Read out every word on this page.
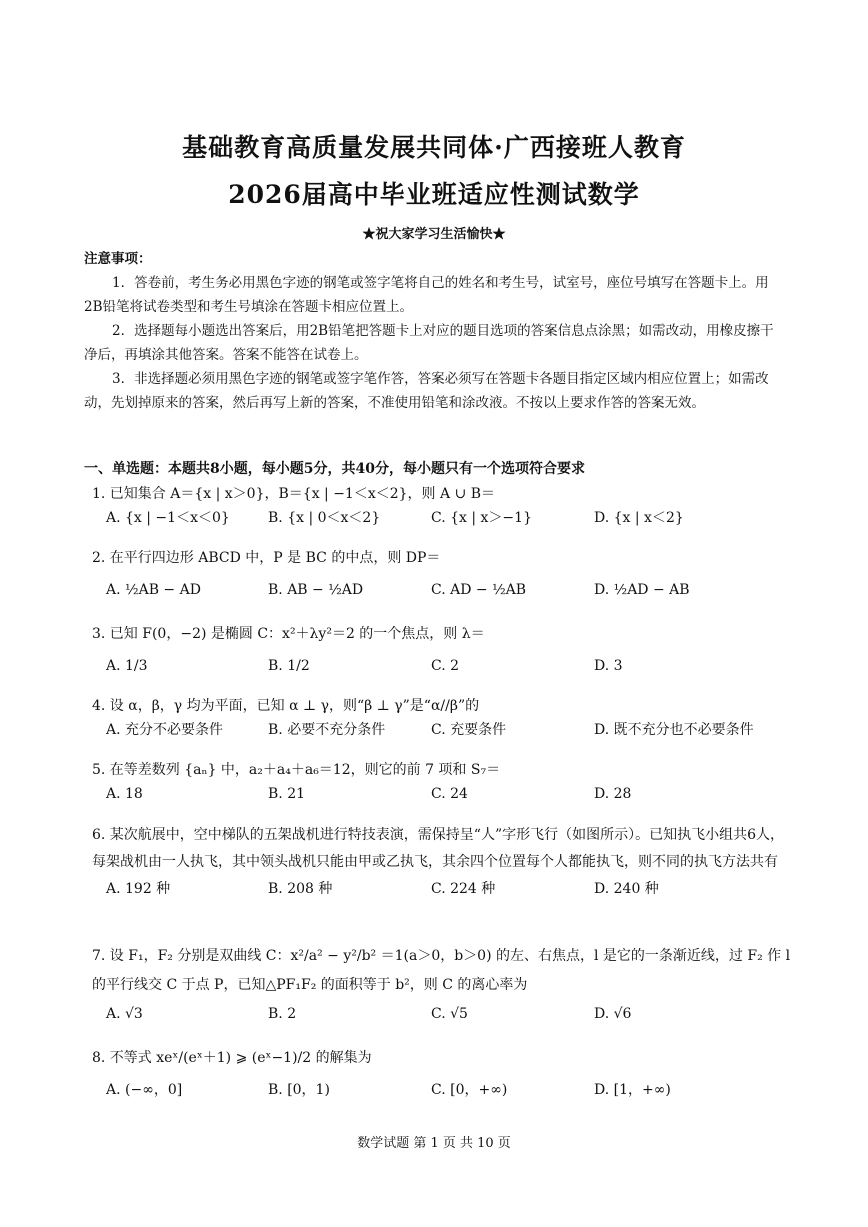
基础教育高质量发展共同体·广西接班人教育
2026届高中毕业班适应性测试数学
★祝大家学习生活愉快★
注意事项：

1．答卷前，考生务必用黑色字迹的钢笔或签字笔将自己的姓名和考生号，试室号，座位号填写在答题卡上。用2B铅笔将试卷类型和考生号填涂在答题卡相应位置上。

2．选择题每小题选出答案后，用2B铅笔把答题卡上对应的题目选项的答案信息点涂黑；如需改动，用橡皮擦干净后，再填涂其他答案。答案不能答在试卷上。

3．非选择题必须用黑色字迹的钢笔或签字笔作答，答案必须写在答题卡各题目指定区域内相应位置上；如需改动，先划掉原来的答案，然后再写上新的答案，不准使用铅笔和涂改液。不按以上要求作答的答案无效。

一、单选题：本题共8小题，每小题5分，共40分，每小题只有一个选项符合要求
1. 已知集合 A＝{x | x＞0}，B＝{x | −1＜x＜2}，则 A ∪ B＝
A. {x | −1＜x＜0}	B. {x | 0＜x＜2}	C. {x | x＞−1}	D. {x | x＜2}
2. 在平行四边形 ABCD 中，P 是 BC 的中点，则 DP＝
A. ½AB − AD	B. AB − ½AD	C. AD − ½AB	D. ½AD − AB
3. 已知 F(0，−2) 是椭圆 C：x²＋λy²＝2 的一个焦点，则 λ＝
A. 1/3	B. 1/2	C. 2	D. 3
4. 设 α，β，γ 均为平面，已知 α ⊥ γ，则“β ⊥ γ”是“α//β”的
A. 充分不必要条件	B. 必要不充分条件	C. 充要条件	D. 既不充分也不必要条件
5. 在等差数列 {aₙ} 中，a₂＋a₄＋a₆＝12，则它的前 7 项和 S₇＝
A. 18	B. 21	C. 24	D. 28
6. 某次航展中，空中梯队的五架战机进行特技表演，需保持呈“人”字形飞行（如图所示）。已知执飞小组共6人，每架战机由一人执飞，其中领头战机只能由甲或乙执飞，其余四个位置每个人都能执飞，则不同的执飞方法共有
A. 192 种	B. 208 种	C. 224 种	D. 240 种
7. 设 F₁，F₂ 分别是双曲线 C：x²/a² − y²/b² ＝1(a＞0，b＞0) 的左、右焦点，l 是它的一条渐近线，过 F₂ 作 l 的平行线交 C 于点 P，已知△PF₁F₂ 的面积等于 b²，则 C 的离心率为
A. √3	B. 2	C. √5	D. √6
8. 不等式 xeˣ/(eˣ＋1) ⩾ (eˣ−1)/2 的解集为
A. (−∞，0]	B. [0，1)	C. [0，+∞)	D. [1，+∞)
数学试题 第 1 页 共 10 页
